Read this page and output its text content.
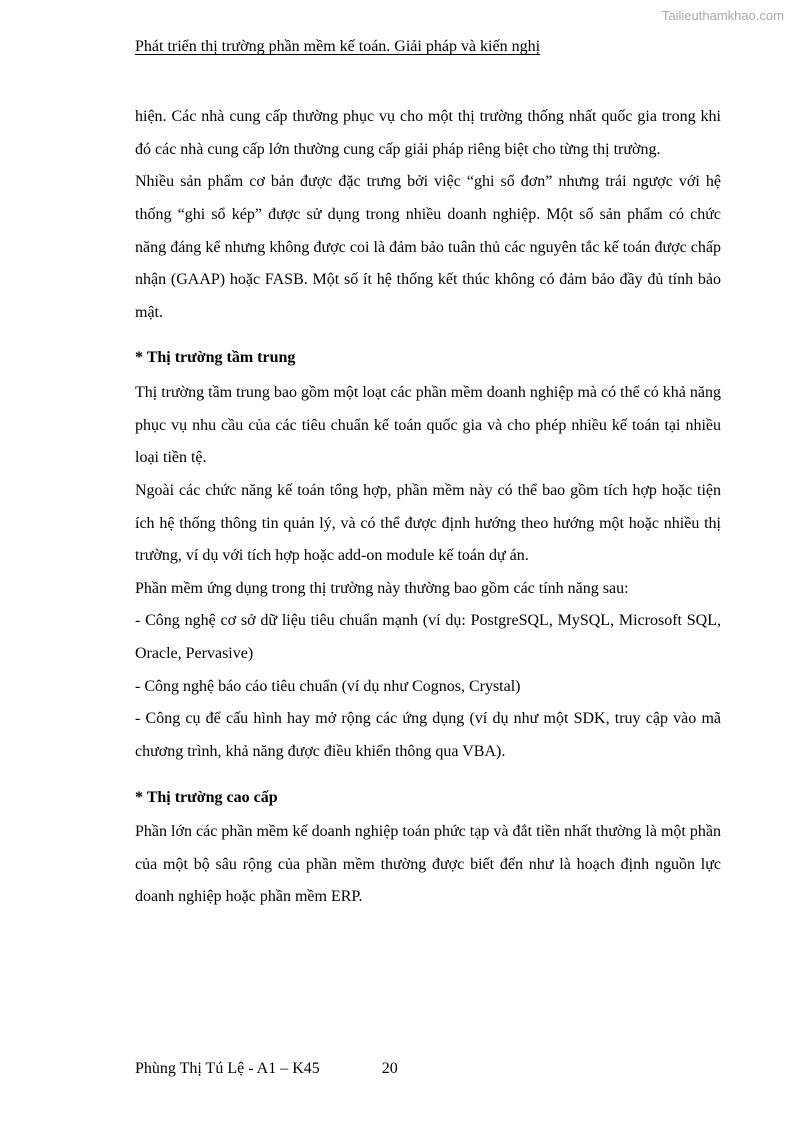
Tailieuthamkhao.com
Phát triển thị trường phần mềm kế toán. Giải pháp và kiến nghị

hiện. Các nhà cung cấp thường phục vụ cho một thị trường thống nhất quốc gia trong khi đó các nhà cung cấp lớn thường cung cấp giải pháp riêng biệt cho từng thị trường.

Nhiều sản phẩm cơ bản được đặc trưng bởi việc “ghi sổ đơn” nhưng trái ngược với hệ thống “ghi sổ kép” được sử dụng trong nhiều doanh nghiệp. Một số sản phẩm có chức năng đáng kể nhưng không được coi là đảm bảo tuân thủ các nguyên tắc kế toán được chấp nhận (GAAP) hoặc FASB. Một số ít hệ thống kết thúc không có đảm bảo đầy đủ tính bảo mật.

* Thị trường tầm trung

Thị trường tầm trung bao gồm một loạt các phần mềm doanh nghiệp mà có thể có khả năng phục vụ nhu cầu của các tiêu chuẩn kế toán quốc gia và cho phép nhiều kế toán tại nhiều loại tiền tệ.

Ngoài các chức năng kế toán tổng hợp, phần mềm này có thể bao gồm tích hợp hoặc tiện ích hệ thống thông tin quản lý, và có thể được định hướng theo hướng một hoặc nhiều thị trường, ví dụ với tích hợp hoặc add-on module kế toán dự án.

Phần mềm ứng dụng trong thị trường này thường bao gồm các tính năng sau:

- Công nghệ cơ sở dữ liệu tiêu chuẩn mạnh (ví dụ: PostgreSQL, MySQL, Microsoft SQL, Oracle, Pervasive)

- Công nghệ báo cáo tiêu chuẩn (ví dụ như Cognos, Crystal)

- Công cụ để cấu hình hay mở rộng các ứng dụng (ví dụ như một SDK, truy cập vào mã chương trình, khả năng được điều khiển thông qua VBA).

* Thị trường cao cấp

Phần lớn các phần mềm kế doanh nghiệp toán phức tạp và đắt tiền nhất thường là một phần của một bộ sâu rộng của phần mềm thường được biết đến như là hoạch định nguồn lực doanh nghiệp hoặc phần mềm ERP.

Phùng Thị Tú Lệ - A1 – K45	20
